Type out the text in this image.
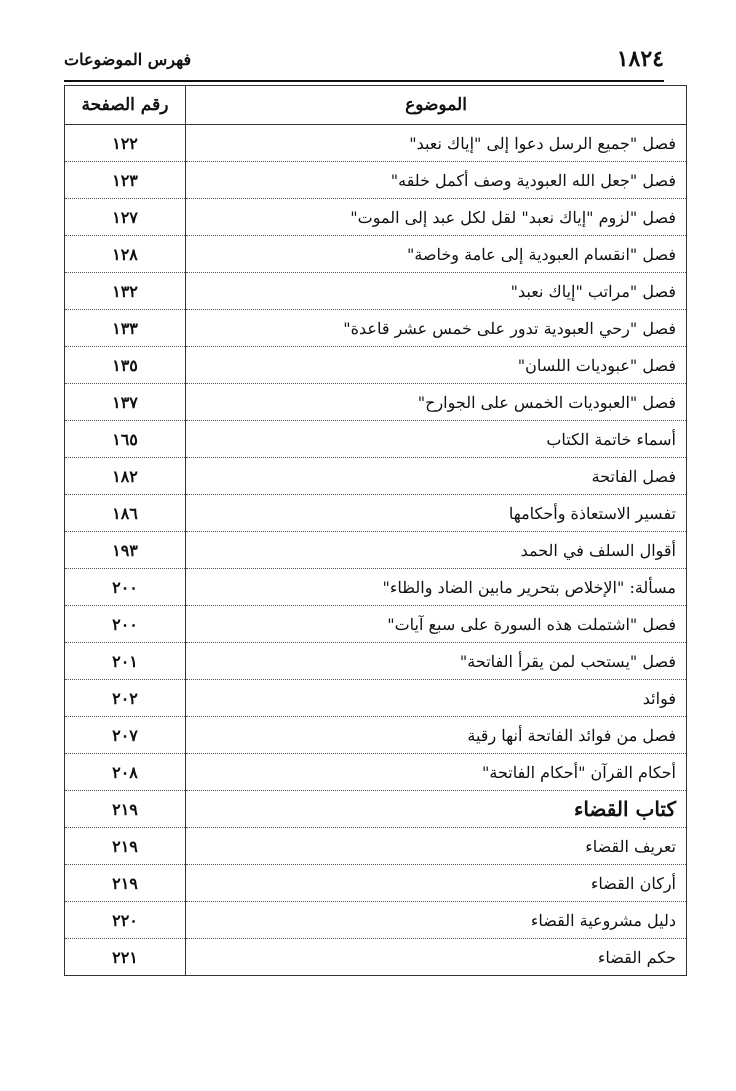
١٨٢٤
فهرس الموضوعات
الموضوع	رقم الصفحة
فصل "جميع الرسل دعوا إلى "إياك نعبد"	١٢٢
فصل "جعل الله العبودية وصف أكمل خلقه"	١٢٣
فصل "لزوم "إياك نعبد" لقل لكل عبد إلى الموت"	١٢٧
فصل "انقسام العبودية إلى عامة وخاصة"	١٢٨
فصل "مراتب "إياك نعبد"	١٣٢
فصل "رحي العبودية تدور على خمس عشر قاعدة"	١٣٣
فصل "عبوديات اللسان"	١٣٥
فصل "العبوديات الخمس على الجوارح"	١٣٧
أسماء خاتمة الكتاب	١٦٥
فصل الفاتحة	١٨٢
تفسير الاستعاذة وأحكامها	١٨٦
أقوال السلف في الحمد	١٩٣
مسألة: "الإخلاص بتحرير مابين الضاد والظاء"	٢٠٠
فصل "اشتملت هذه السورة على سبع آيات"	٢٠٠
فصل "يستحب لمن يقرأ الفاتحة"	٢٠١
فوائد	٢٠٢
فصل من فوائد الفاتحة أنها رقية	٢٠٧
أحكام القرآن "أحكام الفاتحة"	٢٠٨
كتاب القضاء	٢١٩
تعريف القضاء	٢١٩
أركان القضاء	٢١٩
دليل مشروعية القضاء	٢٢٠
حكم القضاء	٢٢١
